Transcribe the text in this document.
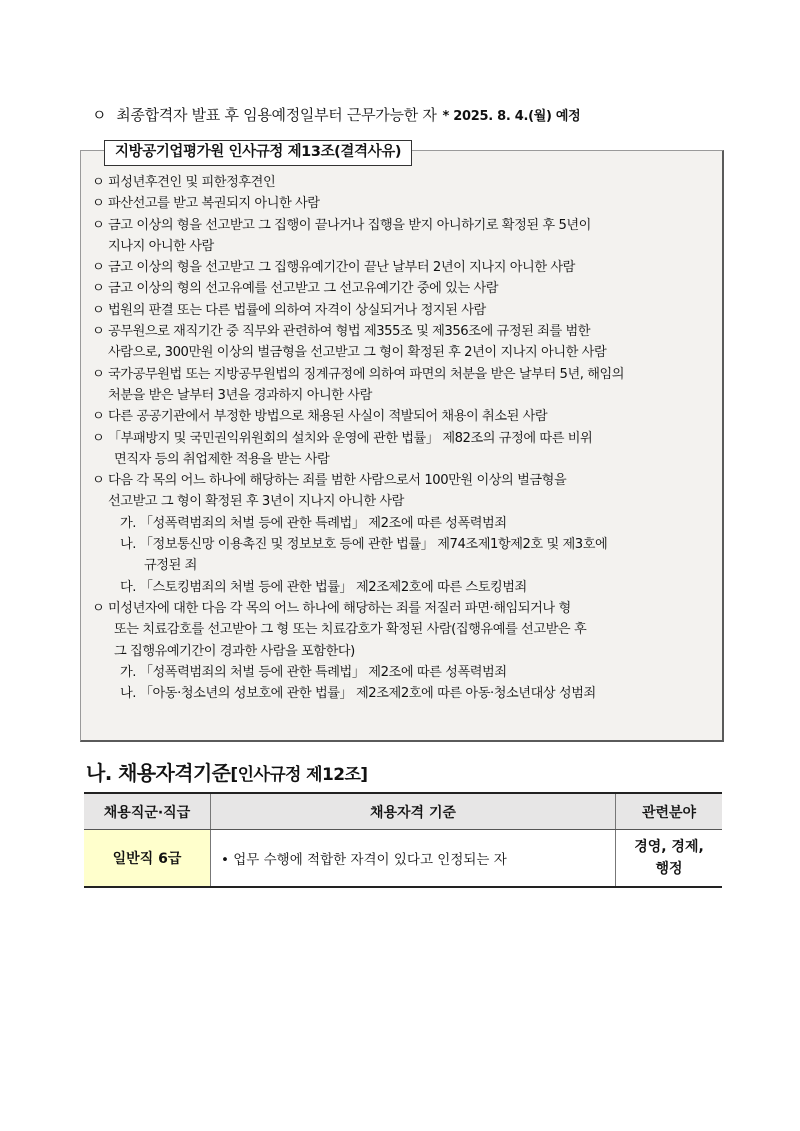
ㅇ 최종합격자 발표 후 임용예정일부터 근무가능한 자 * 2025. 8. 4.(월) 예정
지방공기업평가원 인사규정 제13조(결격사유)
ㅇ 피성년후견인 및 피한정후견인
ㅇ 파산선고를 받고 복권되지 아니한 사람
ㅇ 금고 이상의 형을 선고받고 그 집행이 끝나거나 집행을 받지 아니하기로 확정된 후 5년이
지나지 아니한 사람
ㅇ 금고 이상의 형을 선고받고 그 집행유예기간이 끝난 날부터 2년이 지나지 아니한 사람
ㅇ 금고 이상의 형의 선고유예를 선고받고 그 선고유예기간 중에 있는 사람
ㅇ 법원의 판결 또는 다른 법률에 의하여 자격이 상실되거나 정지된 사람
ㅇ 공무원으로 재직기간 중 직무와 관련하여 형법 제355조 및 제356조에 규정된 죄를 범한
사람으로, 300만원 이상의 벌금형을 선고받고 그 형이 확정된 후 2년이 지나지 아니한 사람
ㅇ 국가공무원법 또는 지방공무원법의 징계규정에 의하여 파면의 처분을 받은 날부터 5년, 해임의
처분을 받은 날부터 3년을 경과하지 아니한 사람
ㅇ 다른 공공기관에서 부정한 방법으로 채용된 사실이 적발되어 채용이 취소된 사람
ㅇ 「부패방지 및 국민권익위원회의 설치와 운영에 관한 법률」 제82조의 규정에 따른 비위
면직자 등의 취업제한 적용을 받는 사람
ㅇ 다음 각 목의 어느 하나에 해당하는 죄를 범한 사람으로서 100만원 이상의 벌금형을
선고받고 그 형이 확정된 후 3년이 지나지 아니한 사람
가. 「성폭력범죄의 처벌 등에 관한 특례법」 제2조에 따른 성폭력범죄
나. 「정보통신망 이용촉진 및 정보보호 등에 관한 법률」 제74조제1항제2호 및 제3호에
규정된 죄
다. 「스토킹범죄의 처벌 등에 관한 법률」 제2조제2호에 따른 스토킹범죄
ㅇ 미성년자에 대한 다음 각 목의 어느 하나에 해당하는 죄를 저질러 파면·해임되거나 형
또는 치료감호를 선고받아 그 형 또는 치료감호가 확정된 사람(집행유예를 선고받은 후
그 집행유예기간이 경과한 사람을 포함한다)
가. 「성폭력범죄의 처벌 등에 관한 특례법」 제2조에 따른 성폭력범죄
나. 「아동·청소년의 성보호에 관한 법률」 제2조제2호에 따른 아동·청소년대상 성범죄
나. 채용자격기준[인사규정 제12조]
채용직군·직급	채용자격 기준	관련분야
일반직 6급	• 업무 수행에 적합한 자격이 있다고 인정되는 자	경영, 경제,
행정
